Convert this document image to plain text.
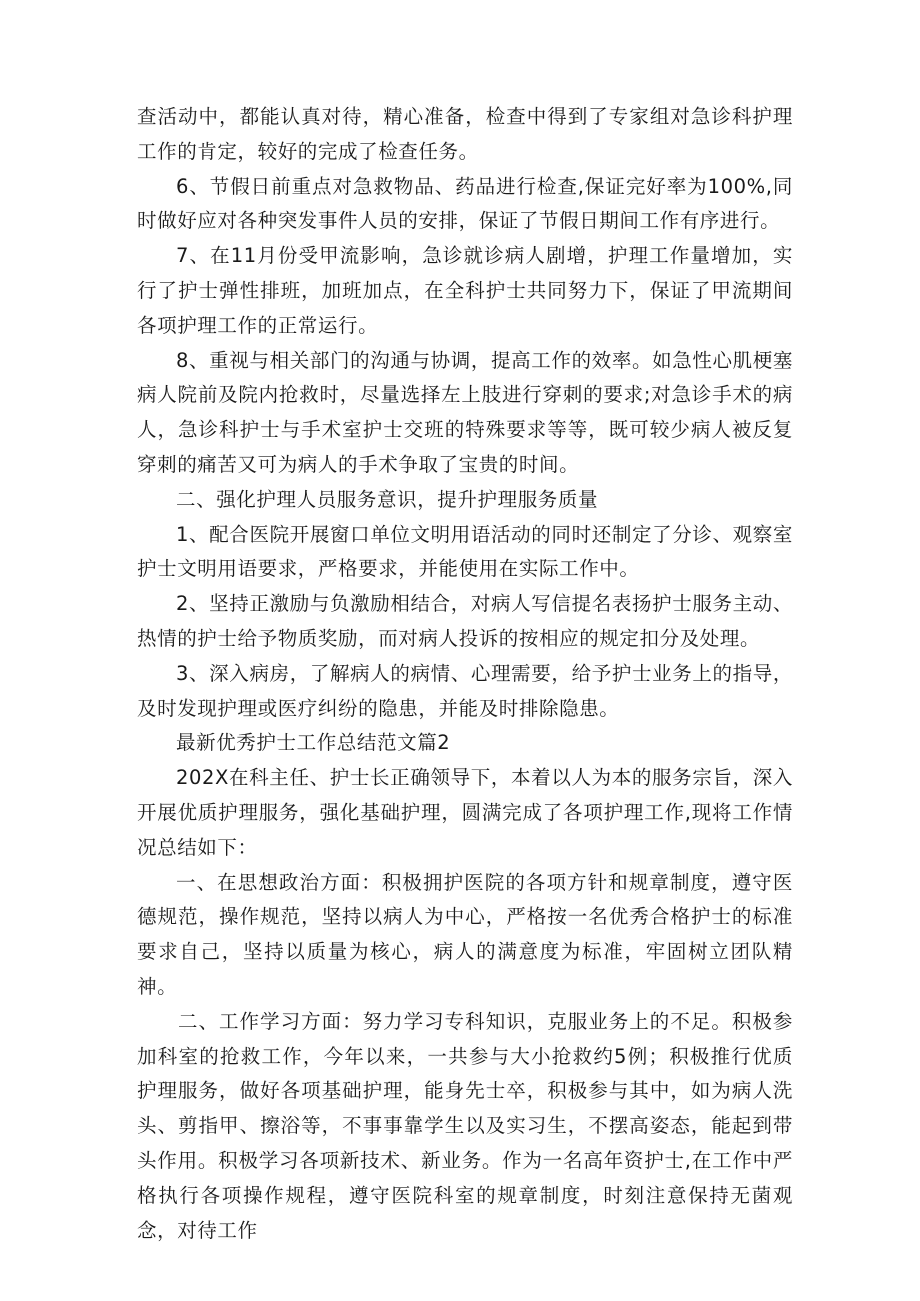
查活动中，都能认真对待，精心准备，检查中得到了专家组对急诊科护理工作的肯定，较好的完成了检查任务。

6、节假日前重点对急救物品、药品进行检查,保证完好率为100%,同时做好应对各种突发事件人员的安排，保证了节假日期间工作有序进行。

7、在11月份受甲流影响，急诊就诊病人剧增，护理工作量增加，实行了护士弹性排班，加班加点，在全科护士共同努力下，保证了甲流期间各项护理工作的正常运行。

8、重视与相关部门的沟通与协调，提高工作的效率。如急性心肌梗塞病人院前及院内抢救时，尽量选择左上肢进行穿刺的要求;对急诊手术的病人，急诊科护士与手术室护士交班的特殊要求等等，既可较少病人被反复穿刺的痛苦又可为病人的手术争取了宝贵的时间。

二、强化护理人员服务意识，提升护理服务质量

1、配合医院开展窗口单位文明用语活动的同时还制定了分诊、观察室护士文明用语要求，严格要求，并能使用在实际工作中。

2、坚持正激励与负激励相结合，对病人写信提名表扬护士服务主动、热情的护士给予物质奖励，而对病人投诉的按相应的规定扣分及处理。

3、深入病房，了解病人的病情、心理需要，给予护士业务上的指导，及时发现护理或医疗纠纷的隐患，并能及时排除隐患。

最新优秀护士工作总结范文篇2

202X在科主任、护士长正确领导下，本着以人为本的服务宗旨，深入开展优质护理服务，强化基础护理，圆满完成了各项护理工作,现将工作情况总结如下：

一、在思想政治方面：积极拥护医院的各项方针和规章制度，遵守医德规范，操作规范，坚持以病人为中心，严格按一名优秀合格护士的标准要求自己，坚持以质量为核心，病人的满意度为标准，牢固树立团队精神。

二、工作学习方面：努力学习专科知识，克服业务上的不足。积极参加科室的抢救工作，今年以来，一共参与大小抢救约5例；积极推行优质护理服务，做好各项基础护理，能身先士卒，积极参与其中，如为病人洗头、剪指甲、擦浴等，不事事靠学生以及实习生，不摆高姿态，能起到带头作用。积极学习各项新技术、新业务。作为一名高年资护士,在工作中严格执行各项操作规程，遵守医院科室的规章制度，时刻注意保持无菌观念，对待工作
